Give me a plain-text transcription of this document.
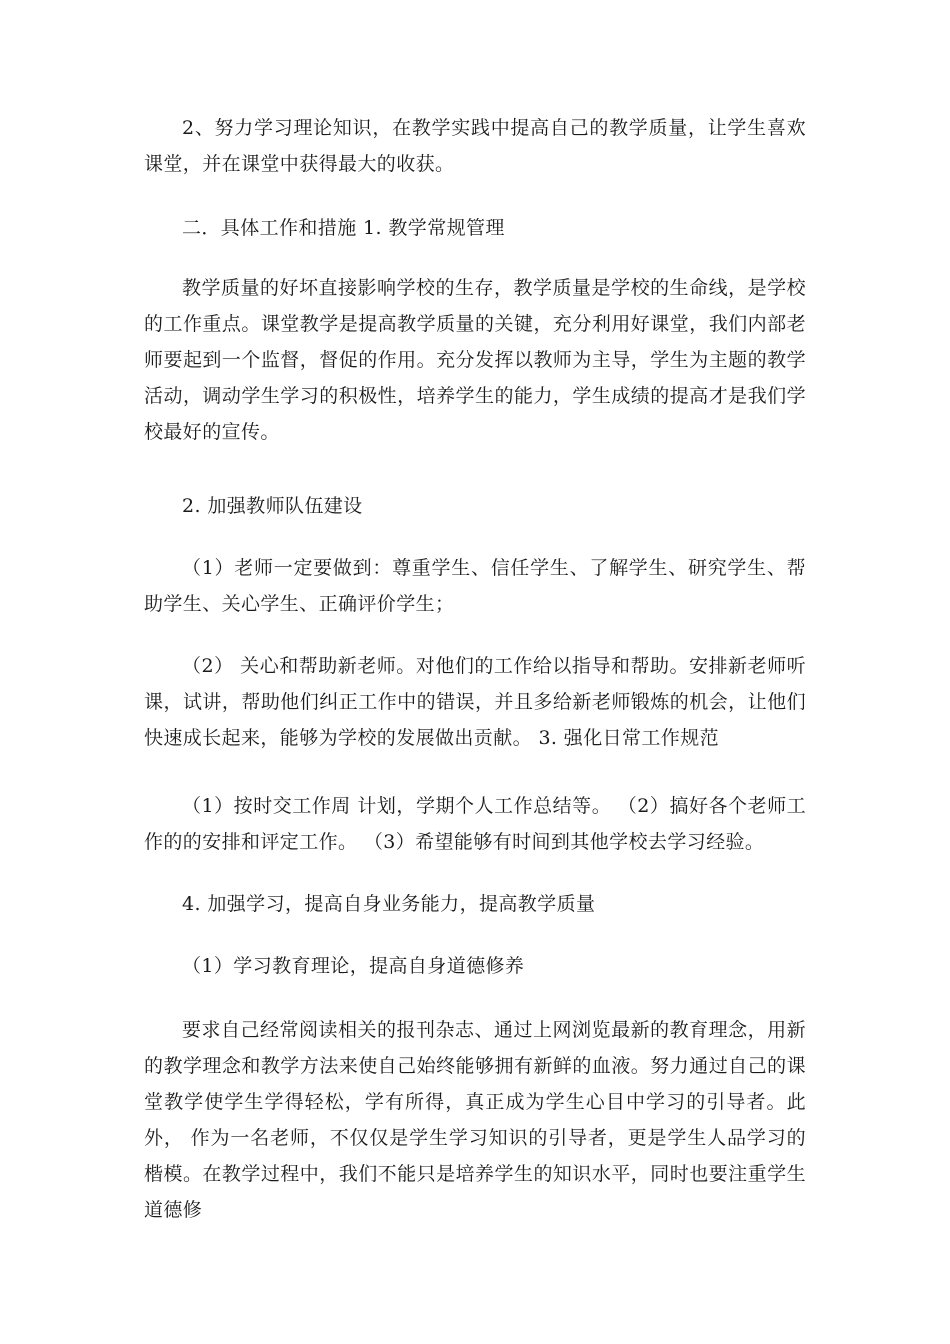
2、努力学习理论知识，在教学实践中提高自己的教学质量，让学生喜欢课堂，并在课堂中获得最大的收获。

二．具体工作和措施 1. 教学常规管理

教学质量的好坏直接影响学校的生存，教学质量是学校的生命线，是学校的工作重点。课堂教学是提高教学质量的关键，充分利用好课堂，我们内部老师要起到一个监督，督促的作用。充分发挥以教师为主导，学生为主题的教学活动，调动学生学习的积极性，培养学生的能力，学生成绩的提高才是我们学校最好的宣传。

2. 加强教师队伍建设

（1）老师一定要做到：尊重学生、信任学生、了解学生、研究学生、帮助学生、关心学生、正确评价学生；

（2） 关心和帮助新老师。对他们的工作给以指导和帮助。安排新老师听课，试讲，帮助他们纠正工作中的错误，并且多给新老师锻炼的机会，让他们快速成长起来，能够为学校的发展做出贡献。 3. 强化日常工作规范

（1）按时交工作周 计划，学期个人工作总结等。 （2）搞好各个老师工作的的安排和评定工作。 （3）希望能够有时间到其他学校去学习经验。

4. 加强学习，提高自身业务能力，提高教学质量

（1）学习教育理论，提高自身道德修养

要求自己经常阅读相关的报刊杂志、通过上网浏览最新的教育理念，用新的教学理念和教学方法来使自己始终能够拥有新鲜的血液。努力通过自己的课堂教学使学生学得轻松，学有所得，真正成为学生心目中学习的引导者。此外， 作为一名老师，不仅仅是学生学习知识的引导者，更是学生人品学习的楷模。在教学过程中，我们不能只是培养学生的知识水平，同时也要注重学生道德修
